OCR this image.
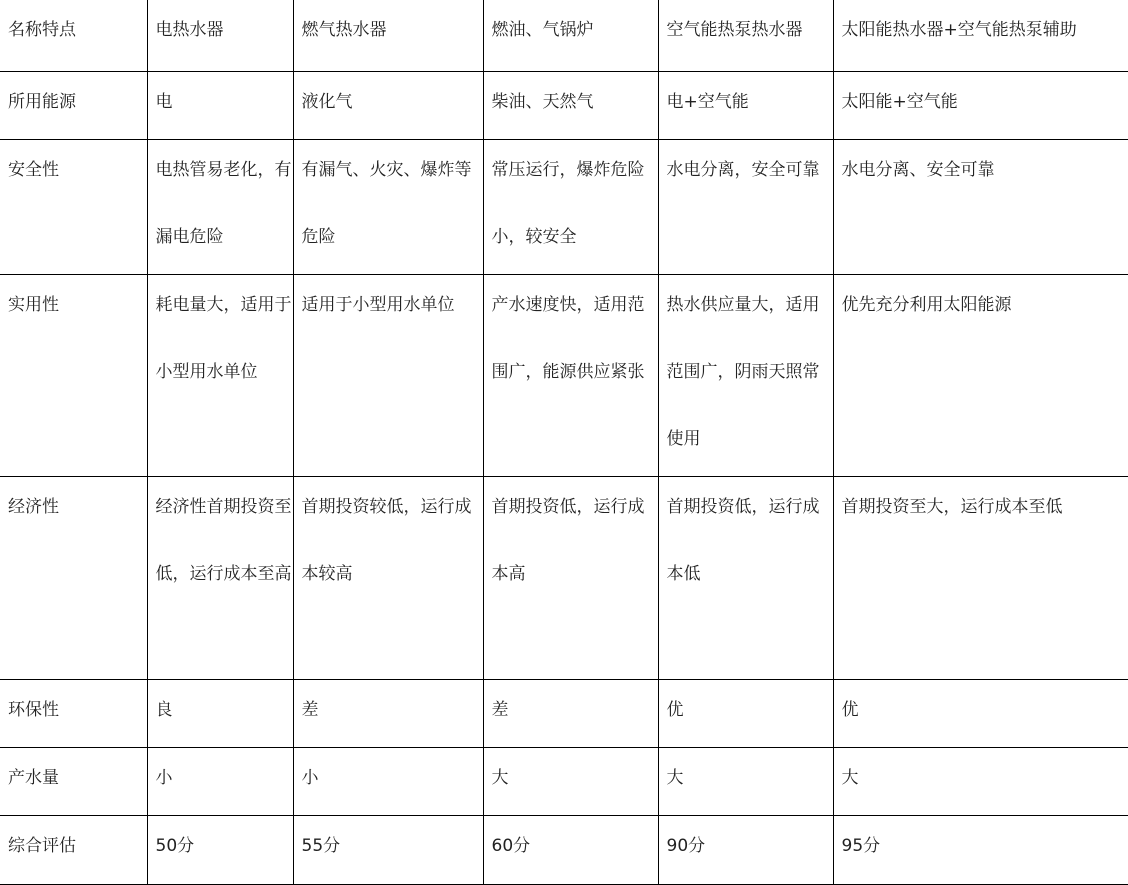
名称特点	电热水器	燃气热水器	燃油、气锅炉	空气能热泵热水器	太阳能热水器+空气能热泵辅助

所用能源	电	液化气	柴油、天然气	电+空气能	太阳能+空气能

安全性	电热管易老化，有漏电危险	有漏气、火灾、爆炸等危险	常压运行，爆炸危险小，较安全	水电分离，安全可靠	水电分离、安全可靠

实用性	耗电量大，适用于小型用水单位	适用于小型用水单位	产水速度快，适用范围广，能源供应紧张	热水供应量大，适用范围广，阴雨天照常使用	优先充分利用太阳能源

经济性	经济性首期投资至低，运行成本至高	首期投资较低，运行成本较高	首期投资低，运行成本高	首期投资低，运行成本低	首期投资至大，运行成本至低

环保性	良	差	差	优	优

产水量	小	小	大	大	大

综合评估	50分	55分	60分	90分	95分
